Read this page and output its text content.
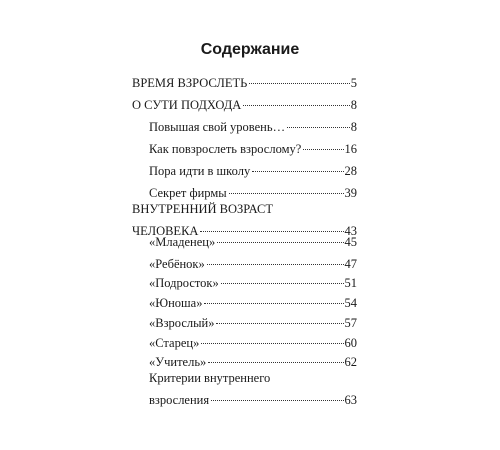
Содержание
ВРЕМЯ ВЗРОСЛЕТЬ	5
О СУТИ ПОДХОДА	8
Повышая свой уровень…	8
Как повзрослеть взрослому?	16
Пора идти в школу	28
Секрет фирмы	39
ВНУТРЕННИЙ ВОЗРАСТ
ЧЕЛОВЕКА	43
«Младенец»	45
«Ребёнок»	47
«Подросток»	51
«Юноша»	54
«Взрослый»	57
«Старец»	60
«Учитель»	62
Критерии внутреннего
взросления	63
